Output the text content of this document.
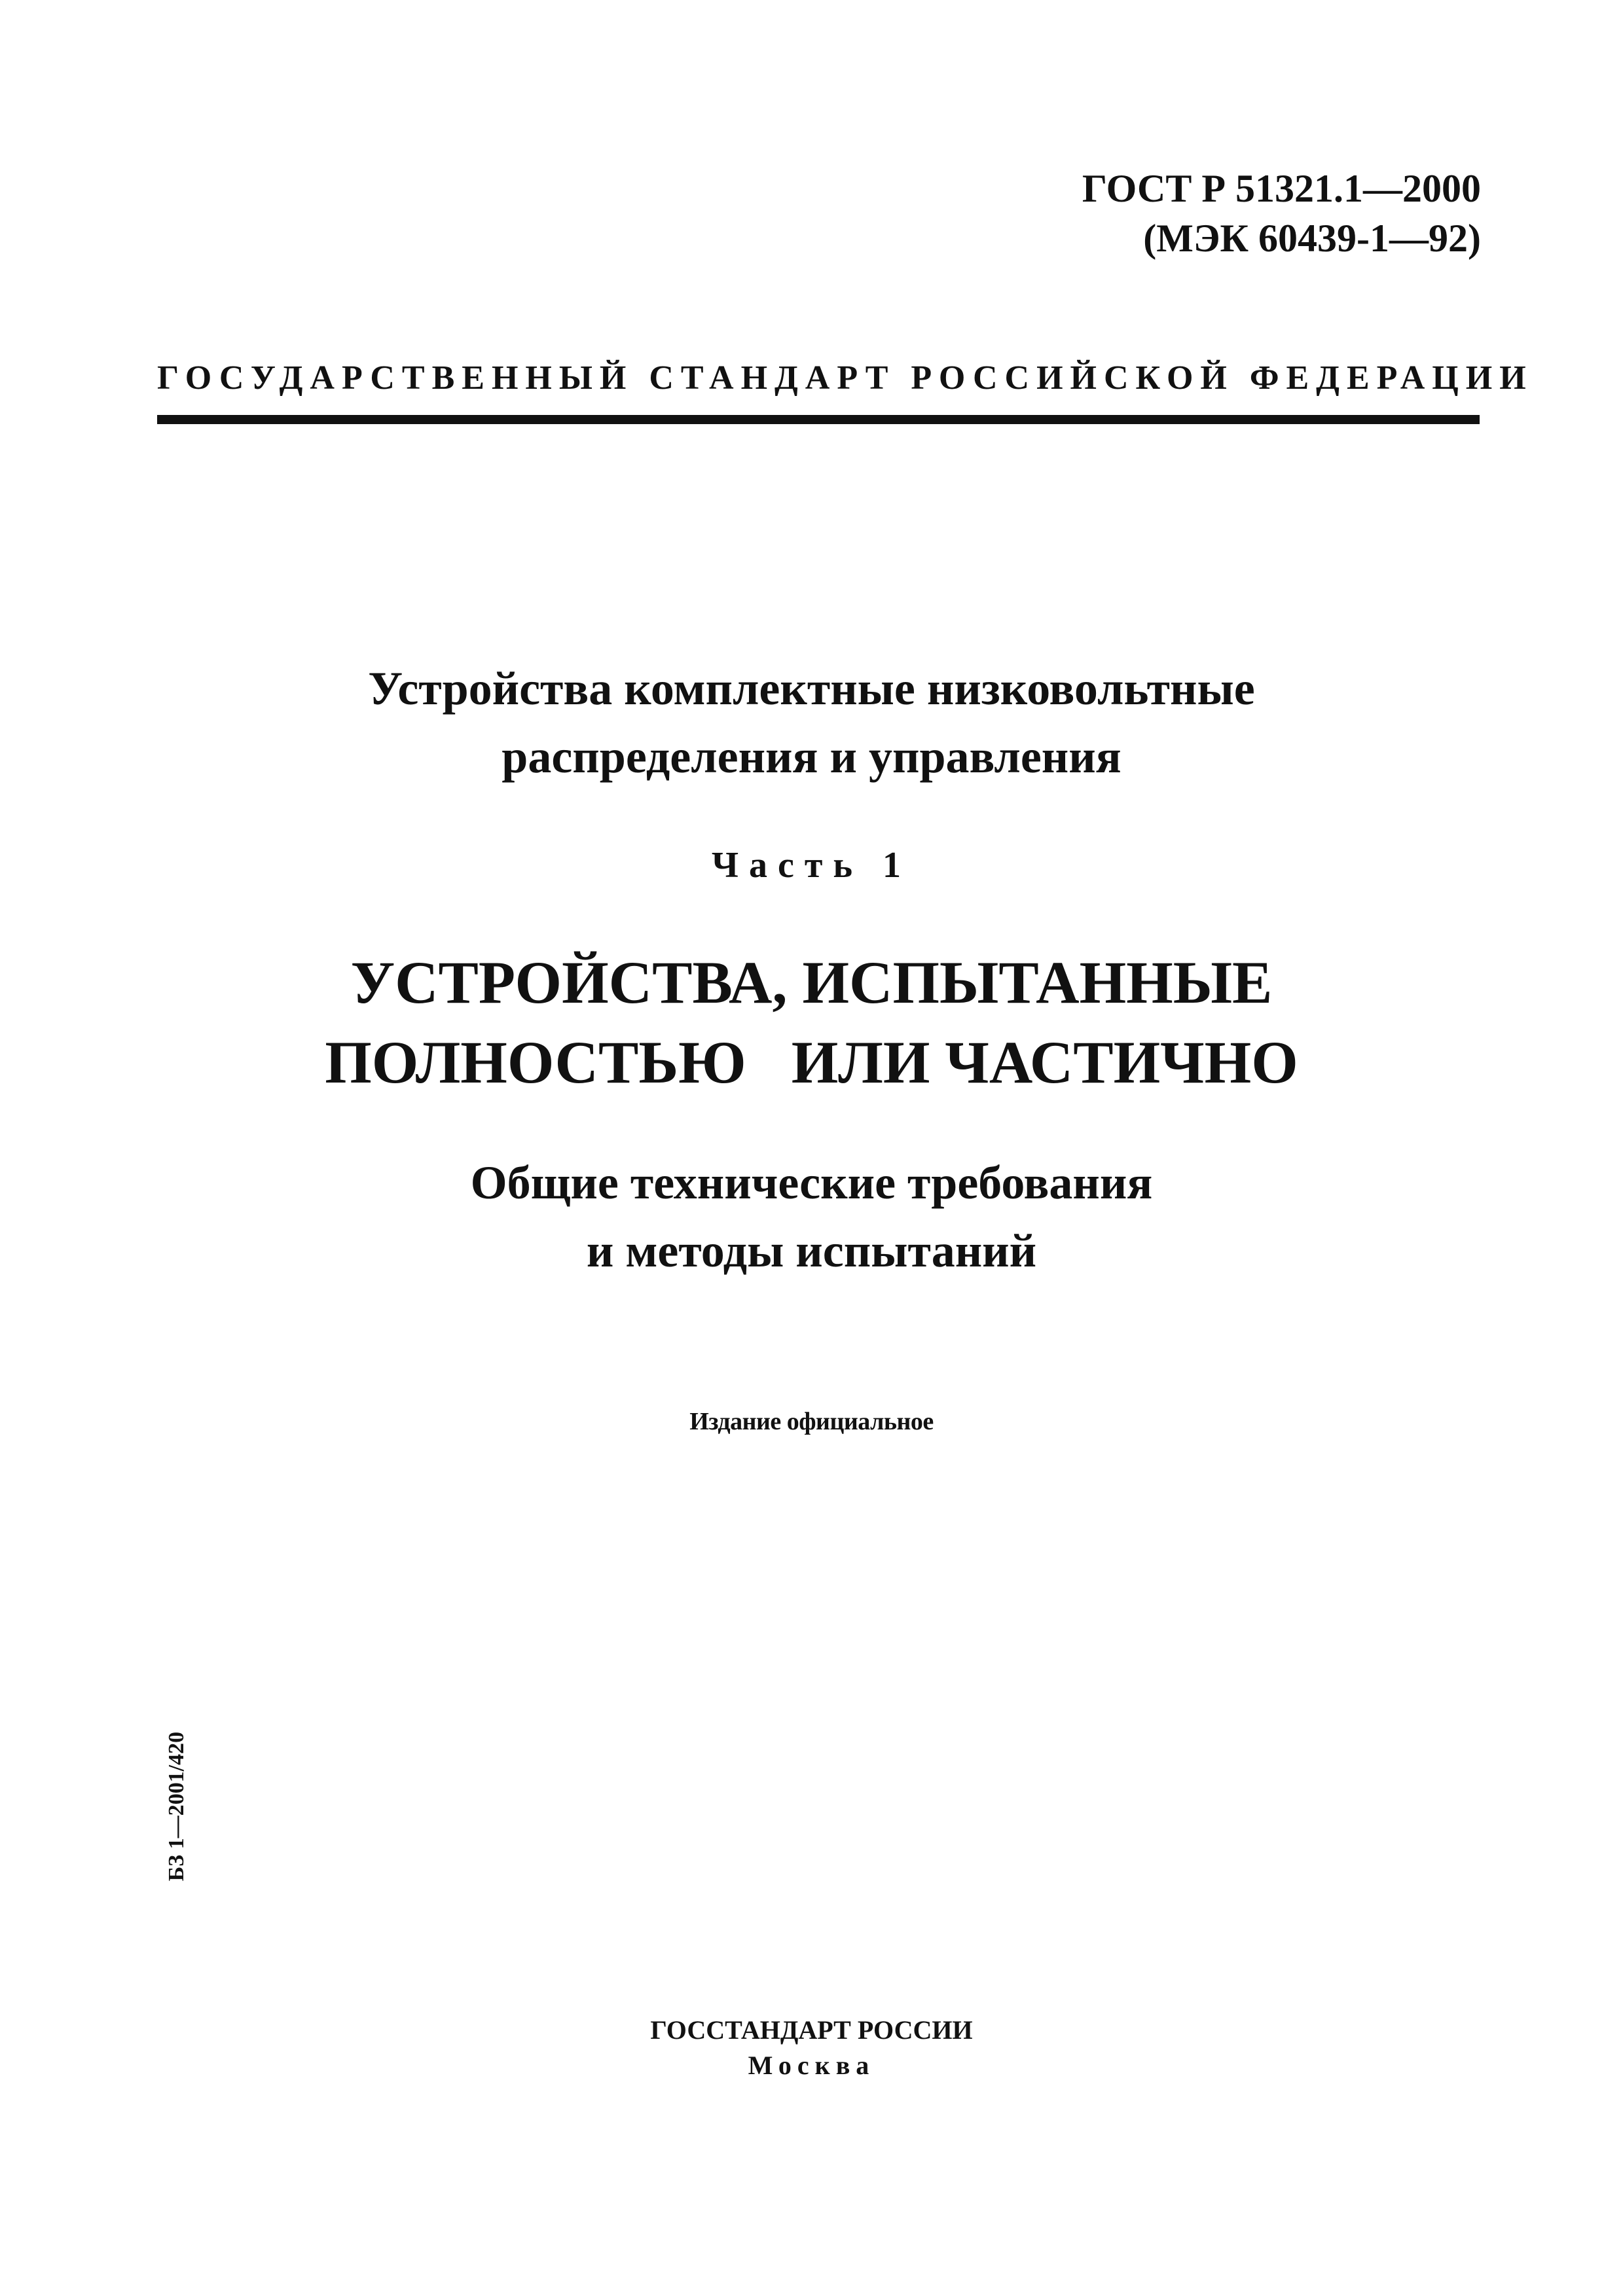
ГОСТ Р 51321.1—2000
(МЭК 60439-1—92)
ГОСУДАРСТВЕННЫЙ СТАНДАРТ РОССИЙСКОЙ ФЕДЕРАЦИИ
Устройства комплектные низковольтные
распределения и управления
Часть 1
УСТРОЙСТВА, ИСПЫТАННЫЕ
ПОЛНОСТЬЮ   ИЛИ ЧАСТИЧНО
Общие технические требования
и методы испытаний
Издание официальное
БЗ 1—2001/420
ГОССТАНДАРТ РОССИИ
Москва
